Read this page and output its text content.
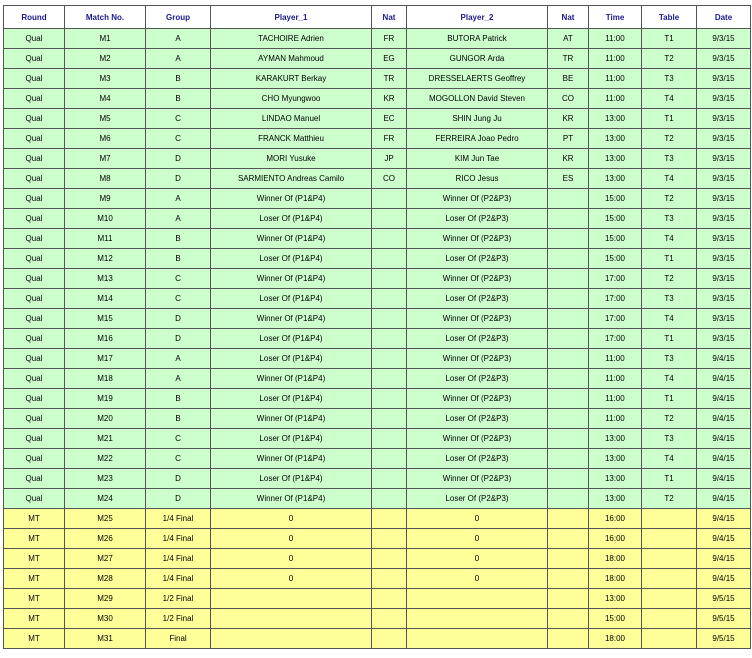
Round	Match No.	Group	Player_1	Nat	Player_2	Nat	Time	Table	Date
Qual	M1	A	TACHOIRE Adrien	FR	BUTORA Patrick	AT	11:00	T1	9/3/15
Qual	M2	A	AYMAN Mahmoud	EG	GUNGOR Arda	TR	11:00	T2	9/3/15
Qual	M3	B	KARAKURT Berkay	TR	DRESSELAERTS Geoffrey	BE	11:00	T3	9/3/15
Qual	M4	B	CHO Myungwoo	KR	MOGOLLON David Steven	CO	11:00	T4	9/3/15
Qual	M5	C	LINDAO Manuel	EC	SHIN Jung Ju	KR	13:00	T1	9/3/15
Qual	M6	C	FRANCK Matthieu	FR	FERREIRA Joao Pedro	PT	13:00	T2	9/3/15
Qual	M7	D	MORI Yusuke	JP	KIM Jun Tae	KR	13:00	T3	9/3/15
Qual	M8	D	SARMIENTO Andreas Camilo	CO	RICO Jesus	ES	13:00	T4	9/3/15
Qual	M9	A	Winner Of (P1&P4)		Winner Of (P2&P3)		15:00	T2	9/3/15
Qual	M10	A	Loser Of (P1&P4)		Loser Of (P2&P3)		15:00	T3	9/3/15
Qual	M11	B	Winner Of (P1&P4)		Winner Of (P2&P3)		15:00	T4	9/3/15
Qual	M12	B	Loser Of (P1&P4)		Loser Of (P2&P3)		15:00	T1	9/3/15
Qual	M13	C	Winner Of (P1&P4)		Winner Of (P2&P3)		17:00	T2	9/3/15
Qual	M14	C	Loser Of (P1&P4)		Loser Of (P2&P3)		17:00	T3	9/3/15
Qual	M15	D	Winner Of (P1&P4)		Winner Of (P2&P3)		17:00	T4	9/3/15
Qual	M16	D	Loser Of (P1&P4)		Loser Of (P2&P3)		17:00	T1	9/3/15
Qual	M17	A	Loser Of (P1&P4)		Winner Of (P2&P3)		11:00	T3	9/4/15
Qual	M18	A	Winner Of (P1&P4)		Loser Of (P2&P3)		11:00	T4	9/4/15
Qual	M19	B	Loser Of (P1&P4)		Winner Of (P2&P3)		11:00	T1	9/4/15
Qual	M20	B	Winner Of (P1&P4)		Loser Of (P2&P3)		11:00	T2	9/4/15
Qual	M21	C	Loser Of (P1&P4)		Winner Of (P2&P3)		13:00	T3	9/4/15
Qual	M22	C	Winner Of (P1&P4)		Loser Of (P2&P3)		13:00	T4	9/4/15
Qual	M23	D	Loser Of (P1&P4)		Winner Of (P2&P3)		13:00	T1	9/4/15
Qual	M24	D	Winner Of (P1&P4)		Loser Of (P2&P3)		13:00	T2	9/4/15
MT	M25	1/4 Final	0		0		16:00		9/4/15
MT	M26	1/4 Final	0		0		16:00		9/4/15
MT	M27	1/4 Final	0		0		18:00		9/4/15
MT	M28	1/4 Final	0		0		18:00		9/4/15
MT	M29	1/2 Final					13:00		9/5/15
MT	M30	1/2 Final					15:00		9/5/15
MT	M31	Final					18:00		9/5/15
